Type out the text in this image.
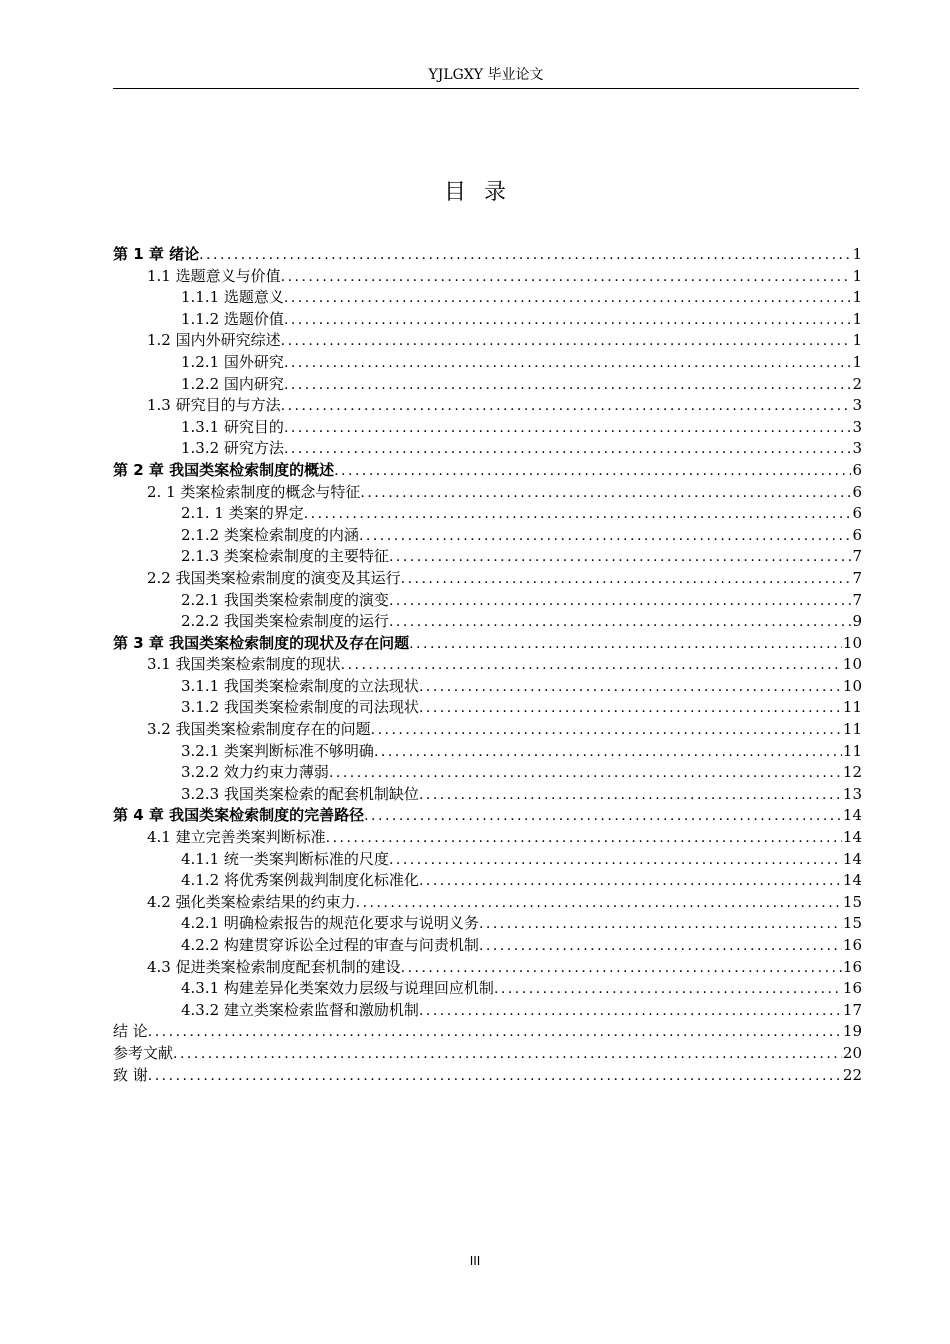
YJLGXY 毕业论文
目录
第 1 章 绪论 .....	1
1.1 选题意义与价值 .....	1
1.1.1 选题意义 .....	1
1.1.2 选题价值 .....	1
1.2 国内外研究综述 .....	1
1.2.1 国外研究 .....	1
1.2.2 国内研究 .....	2
1.3 研究目的与方法 .....	3
1.3.1 研究目的 .....	3
1.3.2 研究方法 .....	3
第 2 章 我国类案检索制度的概述 .....	6
2. 1 类案检索制度的概念与特征 .....	6
2.1. 1 类案的界定 .....	6
2.1.2 类案检索制度的内涵 .....	6
2.1.3 类案检索制度的主要特征 .....	7
2.2 我国类案检索制度的演变及其运行 .....	7
2.2.1 我国类案检索制度的演变 .....	7
2.2.2 我国类案检索制度的运行 .....	9
第 3 章 我国类案检索制度的现状及存在问题 .....	10
3.1 我国类案检索制度的现状 .....	10
3.1.1 我国类案检索制度的立法现状 .....	10
3.1.2 我国类案检索制度的司法现状 .....	11
3.2 我国类案检索制度存在的问题 .....	11
3.2.1 类案判断标准不够明确 .....	11
3.2.2 效力约束力薄弱 .....	12
3.2.3 我国类案检索的配套机制缺位 .....	13
第 4 章 我国类案检索制度的完善路径 .....	14
4.1 建立完善类案判断标准 .....	14
4.1.1 统一类案判断标准的尺度 .....	14
4.1.2 将优秀案例裁判制度化标准化 .....	14
4.2 强化类案检索结果的约束力 .....	15
4.2.1 明确检索报告的规范化要求与说明义务 .....	15
4.2.2 构建贯穿诉讼全过程的审查与问责机制 .....	16
4.3 促进类案检索制度配套机制的建设 .....	16
4.3.1 构建差异化类案效力层级与说理回应机制 .....	16
4.3.2 建立类案检索监督和激励机制 .....	17
结 论 .....	19
参考文献 .....	20
致 谢 .....	22
III
